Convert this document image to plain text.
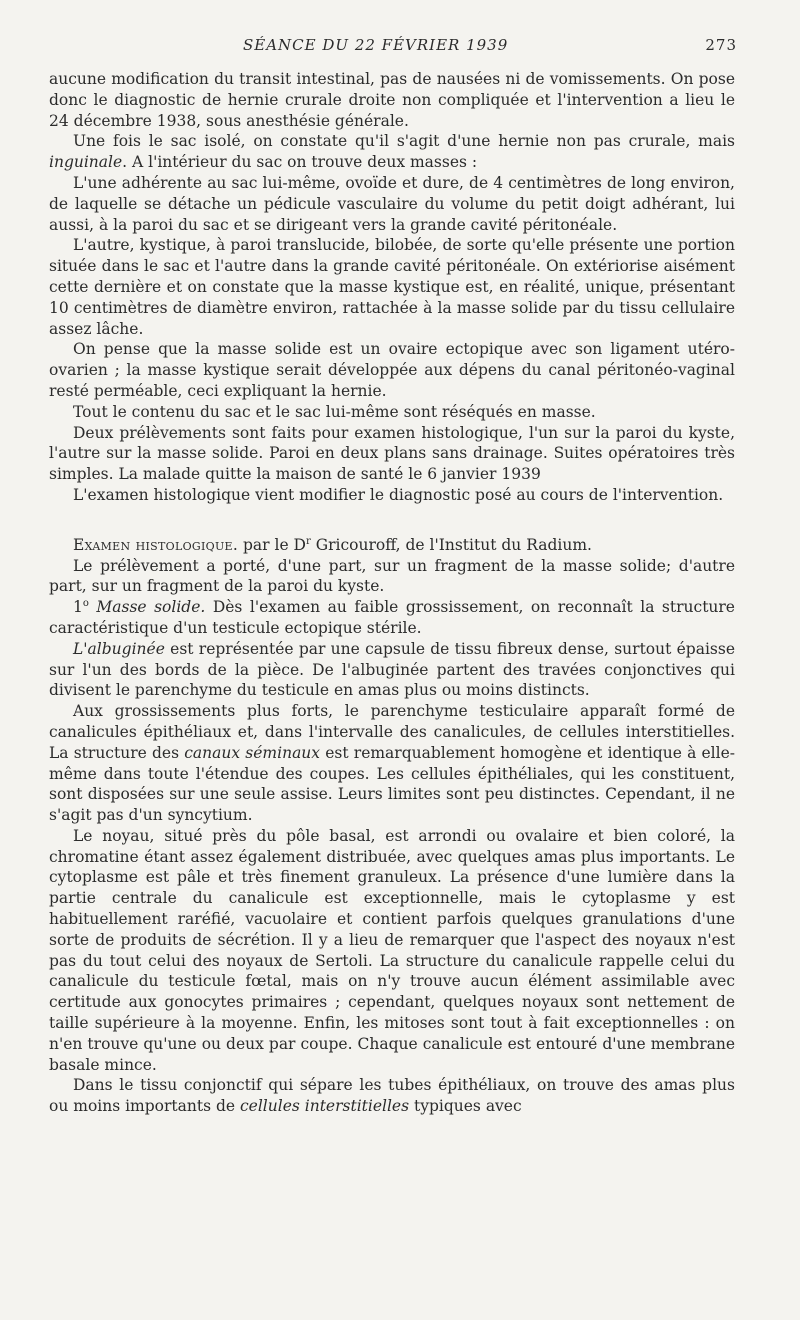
SÉANCE DU 22 FÉVRIER 1939	273

aucune modification du transit intestinal, pas de nausées ni de vomissements. On pose donc le diagnostic de hernie crurale droite non compliquée et l'intervention a lieu le 24 décembre 1938, sous anesthésie générale.

Une fois le sac isolé, on constate qu'il s'agit d'une hernie non pas crurale, mais inguinale. A l'intérieur du sac on trouve deux masses :

L'une adhérente au sac lui-même, ovoïde et dure, de 4 centimètres de long environ, de laquelle se détache un pédicule vasculaire du volume du petit doigt adhérant, lui aussi, à la paroi du sac et se dirigeant vers la grande cavité péritonéale.

L'autre, kystique, à paroi translucide, bilobée, de sorte qu'elle présente une portion située dans le sac et l'autre dans la grande cavité péritonéale. On extériorise aisément cette dernière et on constate que la masse kystique est, en réalité, unique, présentant 10 centimètres de diamètre environ, rattachée à la masse solide par du tissu cellulaire assez lâche.

On pense que la masse solide est un ovaire ectopique avec son ligament utéro-ovarien ; la masse kystique serait développée aux dépens du canal péritonéo-vaginal resté perméable, ceci expliquant la hernie.

Tout le contenu du sac et le sac lui-même sont réséqués en masse.

Deux prélèvements sont faits pour examen histologique, l'un sur la paroi du kyste, l'autre sur la masse solide. Paroi en deux plans sans drainage. Suites opératoires très simples. La malade quitte la maison de santé le 6 janvier 1939

L'examen histologique vient modifier le diagnostic posé au cours de l'intervention.

Examen histologique. par le $D^r$ Gricouroff, de l'Institut du Radium.

Le prélèvement a porté, d'une part, sur un fragment de la masse solide; d'autre part, sur un fragment de la paroi du kyste.

1$^o$ Masse solide. Dès l'examen au faible grossissement, on reconnaît la structure caractéristique d'un testicule ectopique stérile.

L'albuginée est représentée par une capsule de tissu fibreux dense, surtout épaisse sur l'un des bords de la pièce. De l'albuginée partent des travées conjonctives qui divisent le parenchyme du testicule en amas plus ou moins distincts.

Aux grossissements plus forts, le parenchyme testiculaire apparaît formé de canalicules épithéliaux et, dans l'intervalle des canalicules, de cellules interstitielles. La structure des canaux séminaux est remarquablement homogène et identique à elle-même dans toute l'étendue des coupes. Les cellules épithéliales, qui les constituent, sont disposées sur une seule assise. Leurs limites sont peu distinctes. Cependant, il ne s'agit pas d'un syncytium.

Le noyau, situé près du pôle basal, est arrondi ou ovalaire et bien coloré, la chromatine étant assez également distribuée, avec quelques amas plus importants. Le cytoplasme est pâle et très finement granuleux. La présence d'une lumière dans la partie centrale du canalicule est exceptionnelle, mais le cytoplasme y est habituellement raréfié, vacuolaire et contient parfois quelques granulations d'une sorte de produits de sécrétion. Il y a lieu de remarquer que l'aspect des noyaux n'est pas du tout celui des noyaux de Sertoli. La structure du canalicule rappelle celui du canalicule du testicule fœtal, mais on n'y trouve aucun élément assimilable avec certitude aux gonocytes primaires ; cependant, quelques noyaux sont nettement de taille supérieure à la moyenne. Enfin, les mitoses sont tout à fait exceptionnelles : on n'en trouve qu'une ou deux par coupe. Chaque canalicule est entouré d'une membrane basale mince.

Dans le tissu conjonctif qui sépare les tubes épithéliaux, on trouve des amas plus ou moins importants de cellules interstitielles typiques avec
